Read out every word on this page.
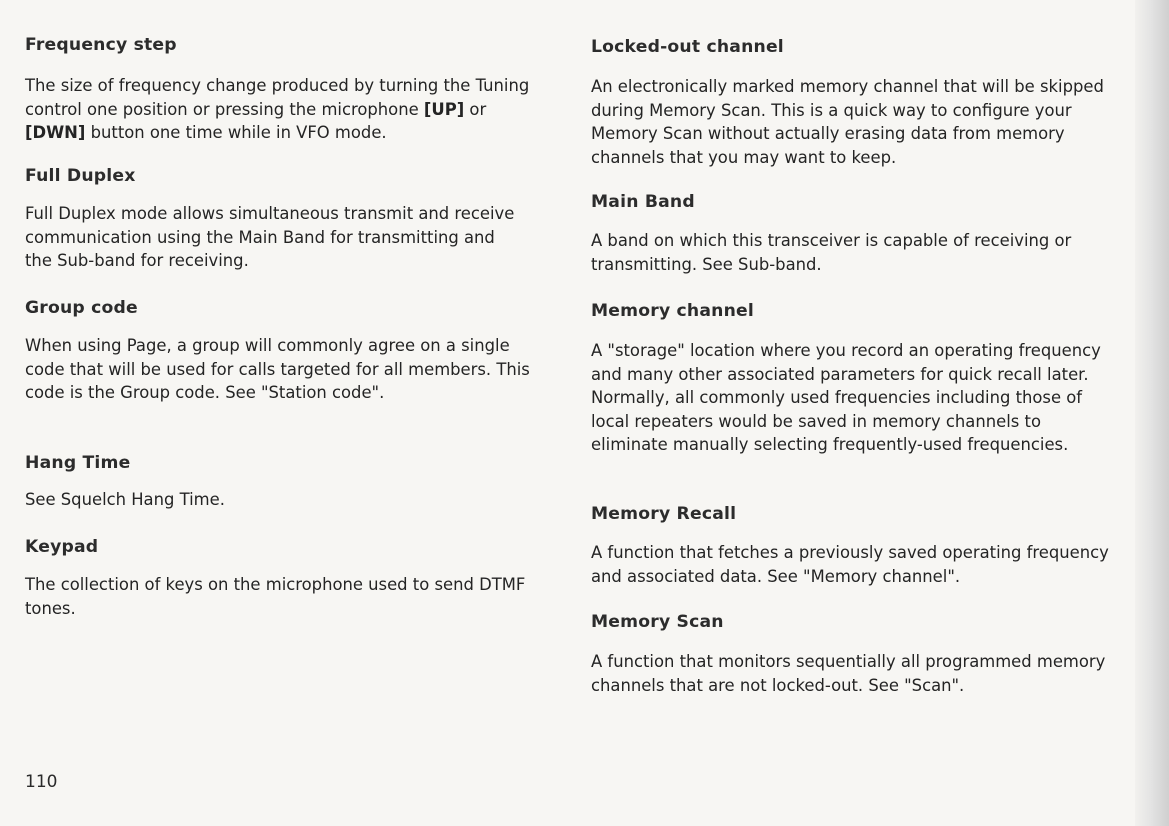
Frequency step

The size of frequency change produced by turning the Tuning control one position or pressing the microphone [UP] or [DWN] button one time while in VFO mode.

Full Duplex

Full Duplex mode allows simultaneous transmit and receive communication using the Main Band for transmitting and the Sub-band for receiving.

Group code

When using Page, a group will commonly agree on a single code that will be used for calls targeted for all members. This code is the Group code. See "Station code".

Hang Time

See Squelch Hang Time.

Keypad

The collection of keys on the microphone used to send DTMF tones.

Locked-out channel

An electronically marked memory channel that will be skipped during Memory Scan. This is a quick way to configure your Memory Scan without actually erasing data from memory channels that you may want to keep.

Main Band

A band on which this transceiver is capable of receiving or transmitting. See Sub-band.

Memory channel

A "storage" location where you record an operating frequency and many other associated parameters for quick recall later. Normally, all commonly used frequencies including those of local repeaters would be saved in memory channels to eliminate manually selecting frequently-used frequencies.

Memory Recall

A function that fetches a previously saved operating frequency and associated data. See "Memory channel".

Memory Scan

A function that monitors sequentially all programmed memory channels that are not locked-out. See "Scan".

110
